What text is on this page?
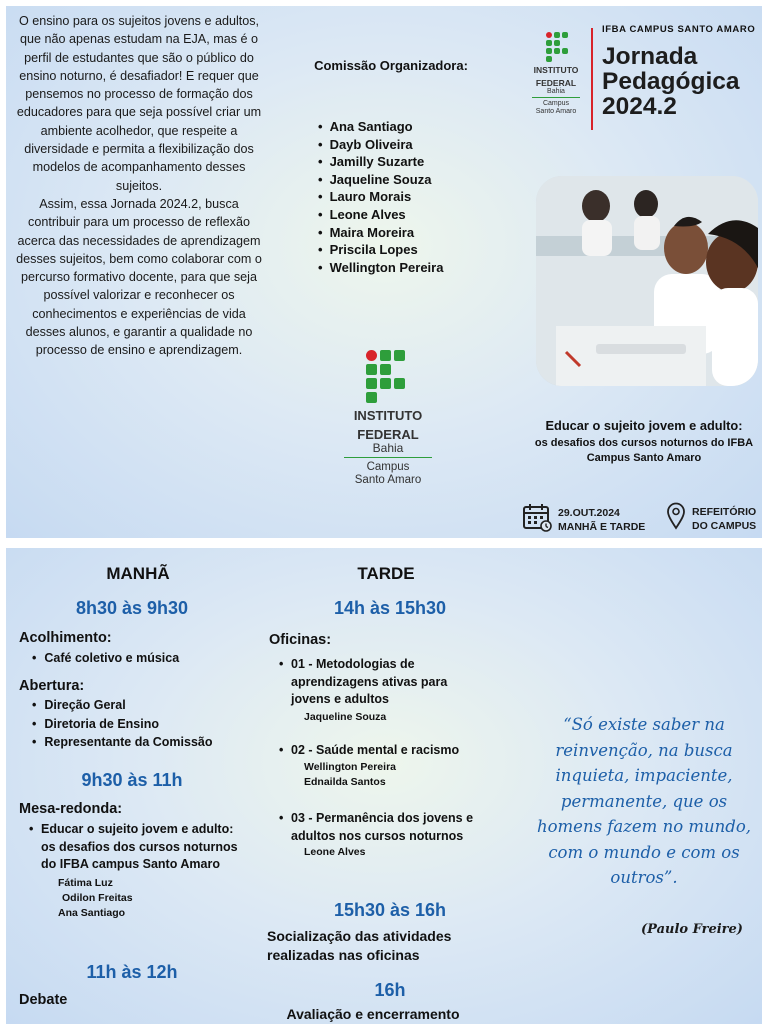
O ensino para os sujeitos jovens e adultos, que não apenas estudam na EJA, mas é o perfil de estudantes que são o público do ensino noturno, é desafiador! E requer que pensemos no processo de formação dos educadores para que seja possível criar um ambiente acolhedor, que respeite a diversidade e permita a flexibilização dos modelos de acompanhamento desses sujeitos.

Assim, essa Jornada 2024.2, busca contribuir para um processo de reflexão acerca das necessidades de aprendizagem desses sujeitos, bem como colaborar com o percurso formativo docente, para que seja possível valorizar e reconhecer os conhecimentos e experiências de vida desses alunos, e garantir a qualidade no processo de ensino e aprendizagem.

Comissão Organizadora:
• Ana Santiago
• Dayb Oliveira
• Jamilly Suzarte
• Jaqueline Souza
• Lauro Morais
• Leone Alves
• Maira Moreira
• Priscila Lopes
• Wellington Pereira
INSTITUTO
FEDERAL
Bahia
Campus
Santo Amaro
INSTITUTO
FEDERAL
Bahia
Campus
Santo Amaro
IFBA CAMPUS SANTO AMARO
Jornada
Pedagógica
2024.2
Educar o sujeito jovem e adulto:
os desafios dos cursos noturnos do IFBA Campus Santo Amaro
29.OUT.2024
MANHÃ E TARDE
REFEITÓRIO
DO CAMPUS
MANHÃ
8h30 às 9h30
Acolhimento:
• Café coletivo e música
Abertura:
• Direção Geral
• Diretoria de Ensino
• Representante da Comissão
9h30 às 11h
Mesa-redonda:
• Educar o sujeito jovem e adulto:
os desafios dos cursos noturnos
do IFBA campus Santo Amaro
Fátima Luz
Odilon Freitas
Ana Santiago
11h às 12h
Debate
TARDE
14h às 15h30
Oficinas:
• 01 - Metodologias de
aprendizagens ativas para
jovens e adultos
Jaqueline Souza
• 02 - Saúde mental e racismo
Wellington Pereira
Ednailda Santos
• 03 - Permanência dos jovens e
adultos nos cursos noturnos
Leone Alves
15h30 às 16h
Socialização das atividades
realizadas nas oficinas
16h
Avaliação e encerramento
“Só existe saber na
reinvenção, na busca
inquieta, impaciente,
permanente, que os
homens fazem no mundo,
com o mundo e com os
outros”.
(Paulo Freire)
